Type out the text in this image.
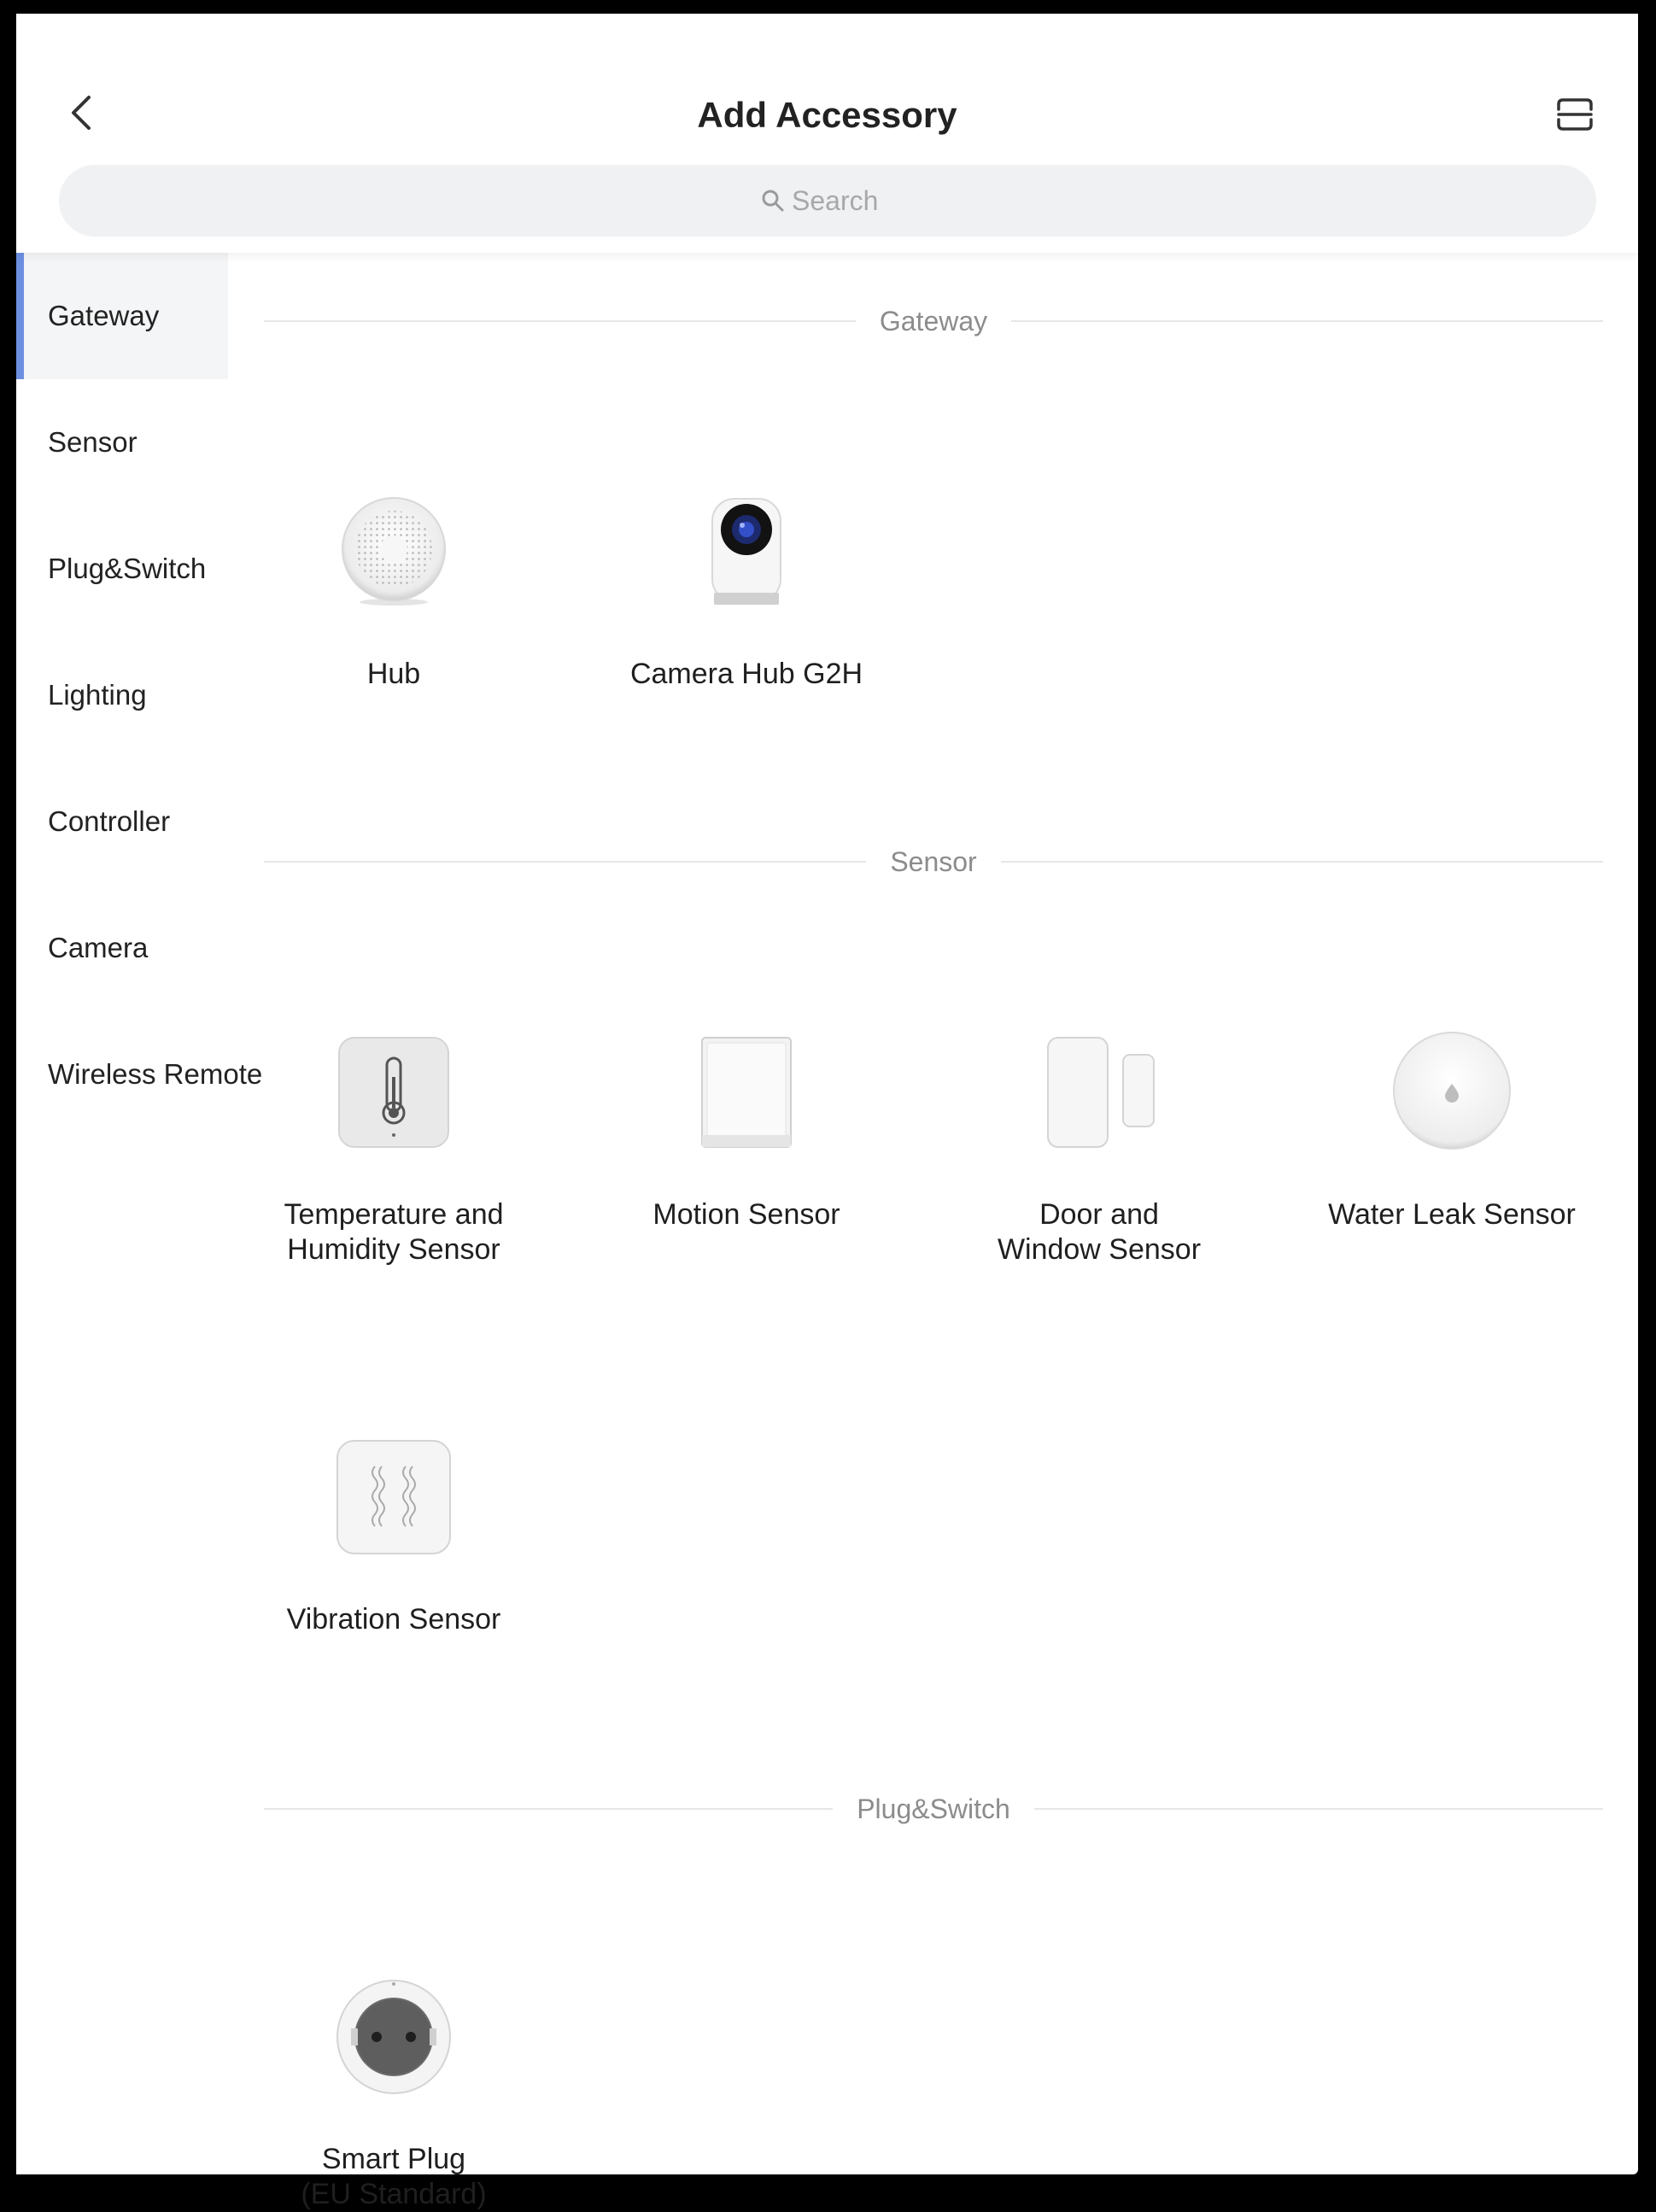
Add Accessory
Search
Gateway
Sensor
Plug&Switch
Lighting
Controller
Camera
Wireless Remote
Gateway
Hub	Camera Hub G2H
Sensor
Temperature and
Humidity Sensor
Motion Sensor	Door and
Window Sensor
Water Leak Sensor
Vibration Sensor
Plug&Switch
Smart Plug
(EU Standard)
